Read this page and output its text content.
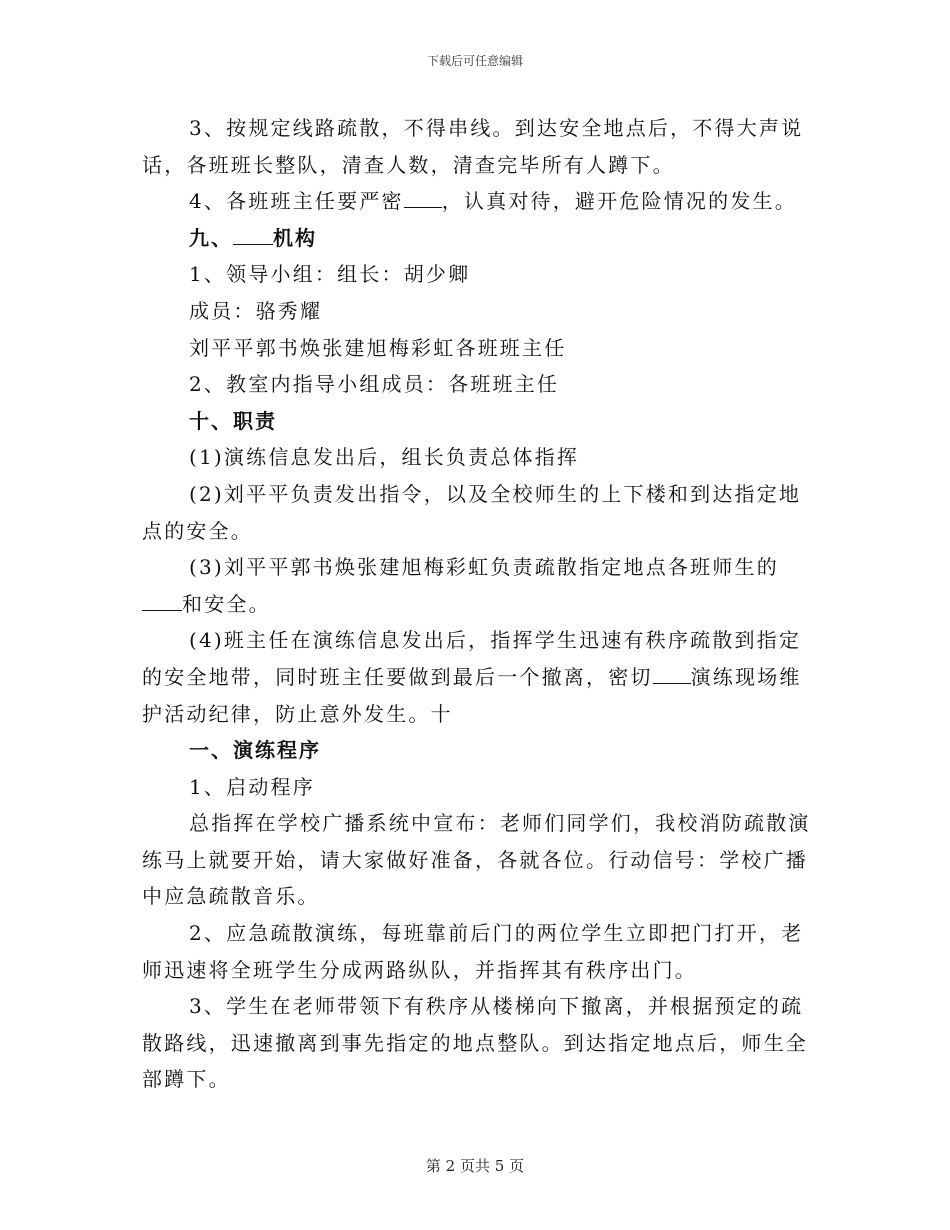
下载后可任意编辑

3、按规定线路疏散，不得串线。到达安全地点后，不得大声说话，各班班长整队，清查人数，清查完毕所有人蹲下。

4、各班班主任要严密 ，认真对待，避开危险情况的发生。

九、 机构

1、领导小组：组长：胡少卿

成员：骆秀耀

刘平平郭书焕张建旭梅彩虹各班班主任

2、教室内指导小组成员：各班班主任

十、职责

(1)演练信息发出后，组长负责总体指挥

(2)刘平平负责发出指令，以及全校师生的上下楼和到达指定地点的安全。

(3)刘平平郭书焕张建旭梅彩虹负责疏散指定地点各班师生的和安全。

(4)班主任在演练信息发出后，指挥学生迅速有秩序疏散到指定的安全地带，同时班主任要做到最后一个撤离，密切 演练现场维护活动纪律，防止意外发生。十

一、演练程序

1、启动程序

总指挥在学校广播系统中宣布：老师们同学们，我校消防疏散演练马上就要开始，请大家做好准备，各就各位。行动信号：学校广播中应急疏散音乐。

2、应急疏散演练，每班靠前后门的两位学生立即把门打开，老师迅速将全班学生分成两路纵队，并指挥其有秩序出门。

3、学生在老师带领下有秩序从楼梯向下撤离，并根据预定的疏散路线，迅速撤离到事先指定的地点整队。到达指定地点后，师生全部蹲下。

第 2 页共 5 页
